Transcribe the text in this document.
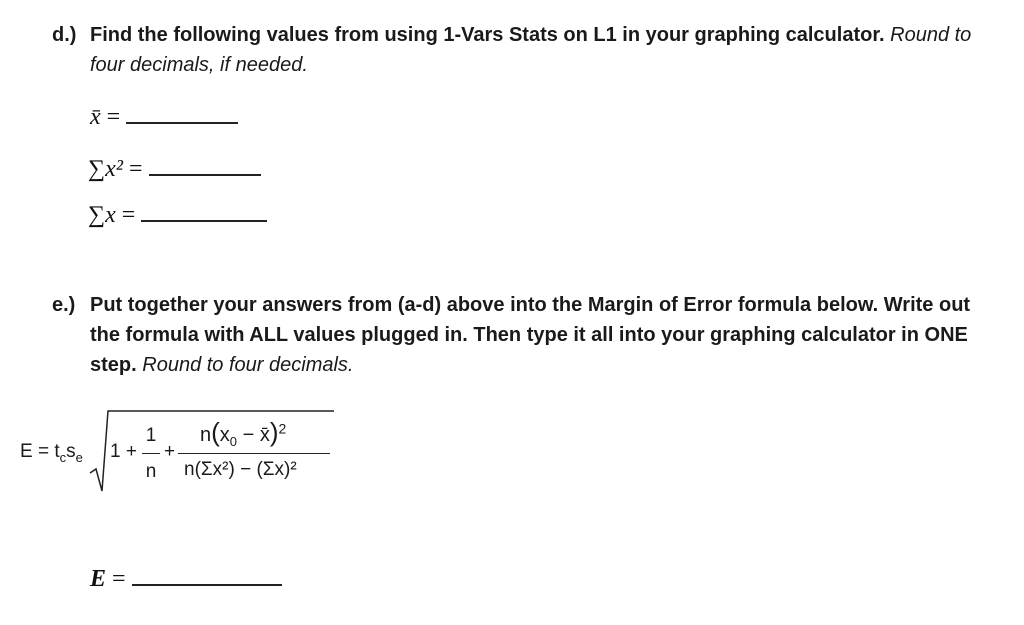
d.) Find the following values from using 1-Vars Stats on L1 in your graphing calculator. Round to four decimals, if needed.
x̄ =
∑x² =
∑x =
e.) Put together your answers from (a-d) above into the Margin of Error formula below. Write out the formula with ALL values plugged in. Then type it all into your graphing calculator in ONE step. Round to four decimals.
$E = t_cs_e$ 1 +
1
n
+
$n(x_0$ − x̄)$^2$
n(Σx²) − (Σx)²
E =
